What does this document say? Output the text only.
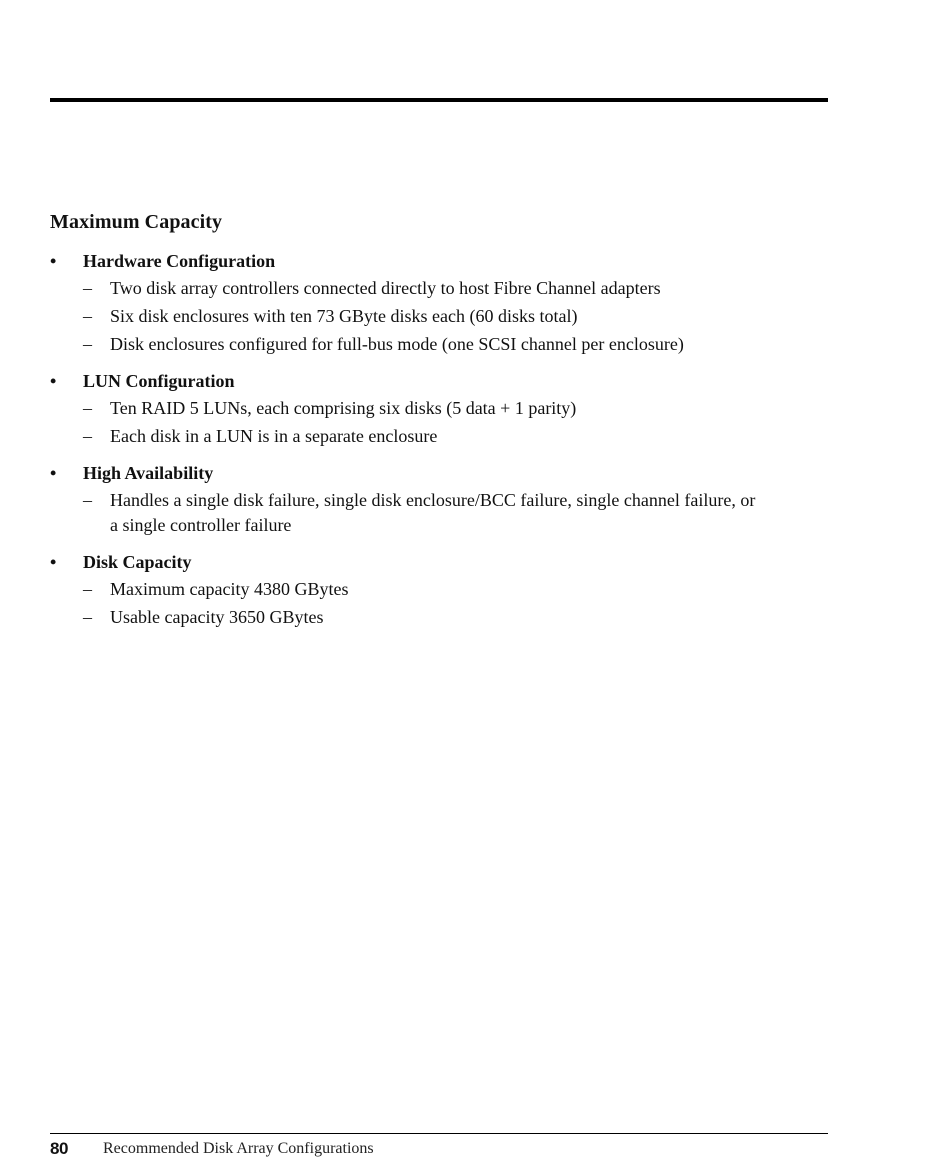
Maximum Capacity
•	Hardware Configuration
– Two disk array controllers connected directly to host Fibre Channel adapters
– Six disk enclosures with ten 73 GByte disks each (60 disks total)
– Disk enclosures configured for full-bus mode (one SCSI channel per enclosure)
•	LUN Configuration
– Ten RAID 5 LUNs, each comprising six disks (5 data + 1 parity)
– Each disk in a LUN is in a separate enclosure
•	High Availability
– Handles a single disk failure, single disk enclosure/BCC failure, single channel failure, or a single controller failure
•	Disk Capacity
– Maximum capacity 4380 GBytes
– Usable capacity 3650 GBytes
80 Recommended Disk Array Configurations
